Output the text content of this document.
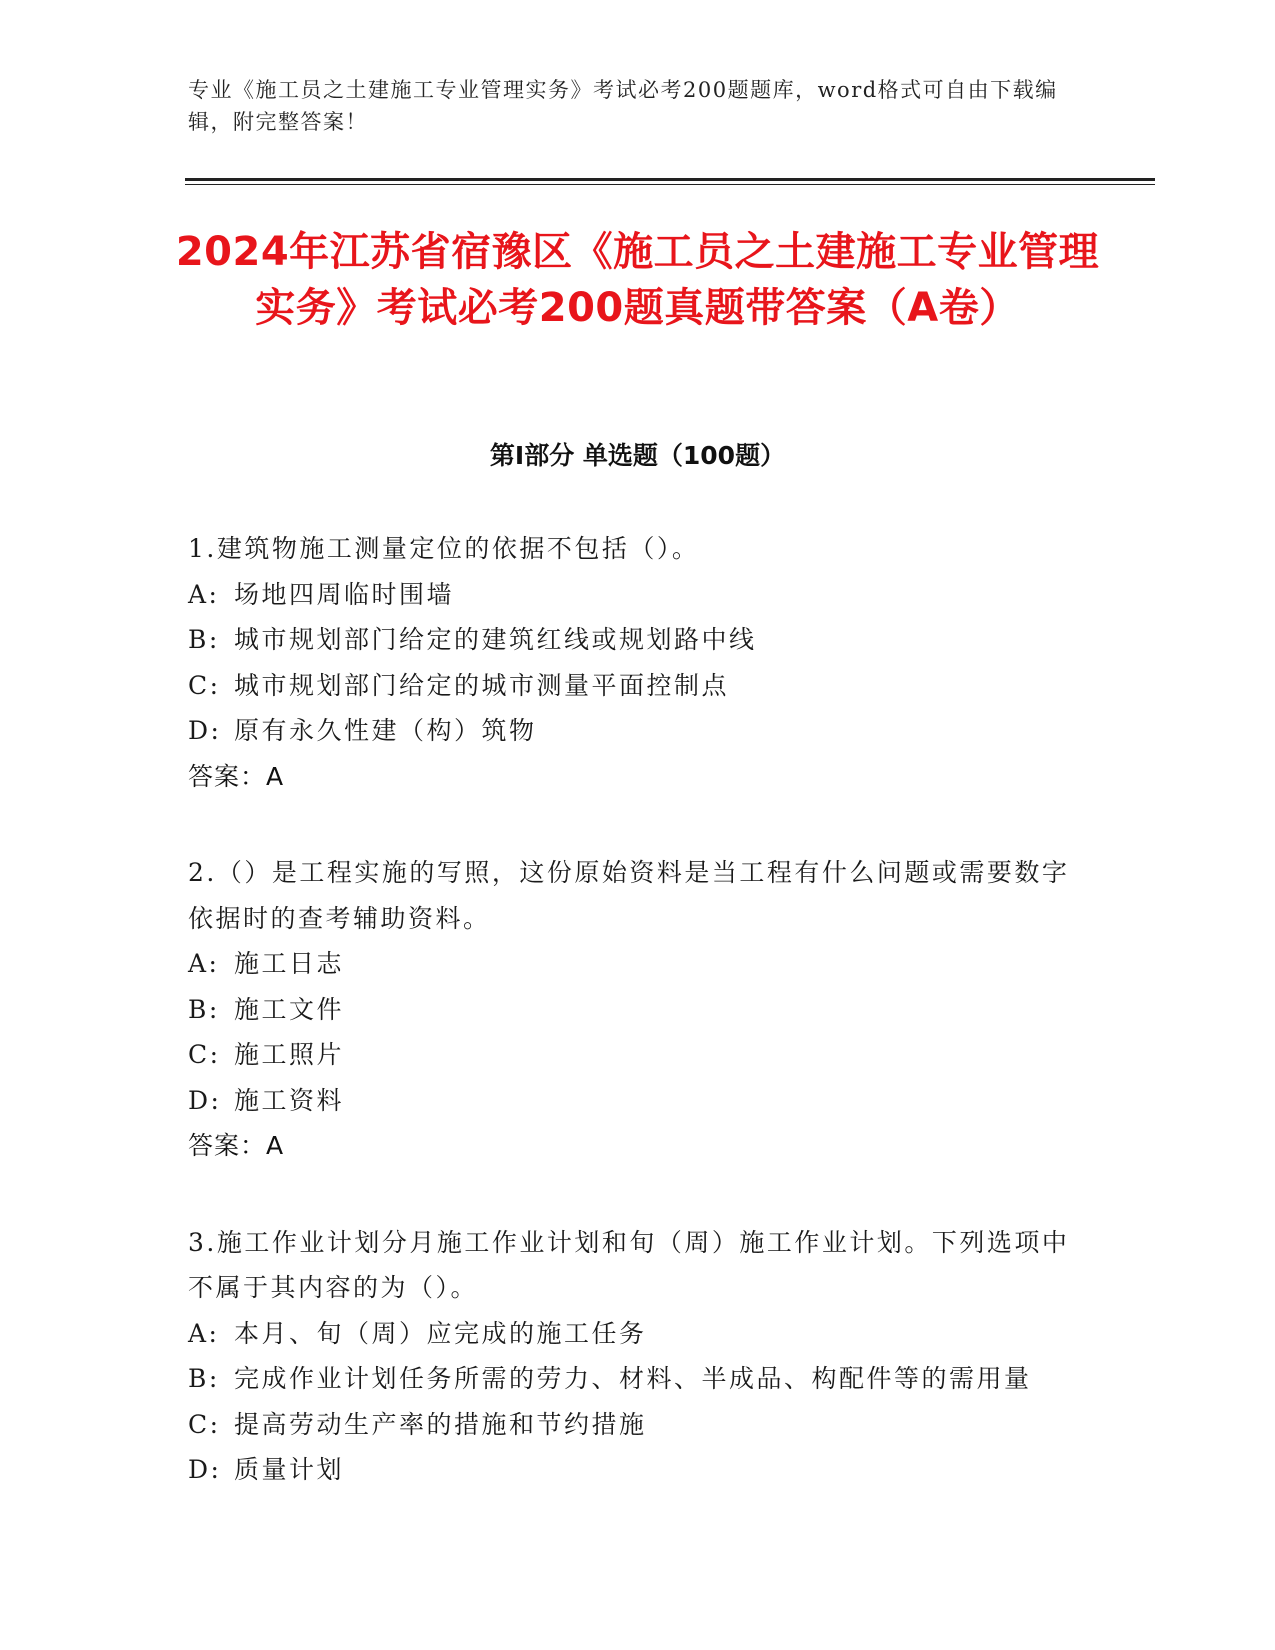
专业《施工员之土建施工专业管理实务》考试必考200题题库，word格式可自由下载编辑，附完整答案！

2024年江苏省宿豫区《施工员之土建施工专业管理实务》考试必考200题真题带答案（A卷）
第Ⅰ部分 单选题（100题）

1.建筑物施工测量定位的依据不包括（）。

A: 场地四周临时围墙

B: 城市规划部门给定的建筑红线或规划路中线

C: 城市规划部门给定的城市测量平面控制点

D: 原有永久性建（构）筑物

答案：A

2.（）是工程实施的写照，这份原始资料是当工程有什么问题或需要数字依据时的查考辅助资料。

A: 施工日志

B: 施工文件

C: 施工照片

D: 施工资料

答案：A

3.施工作业计划分月施工作业计划和旬（周）施工作业计划。下列选项中不属于其内容的为（）。

A: 本月、旬（周）应完成的施工任务

B: 完成作业计划任务所需的劳力、材料、半成品、构配件等的需用量

C: 提高劳动生产率的措施和节约措施

D: 质量计划
